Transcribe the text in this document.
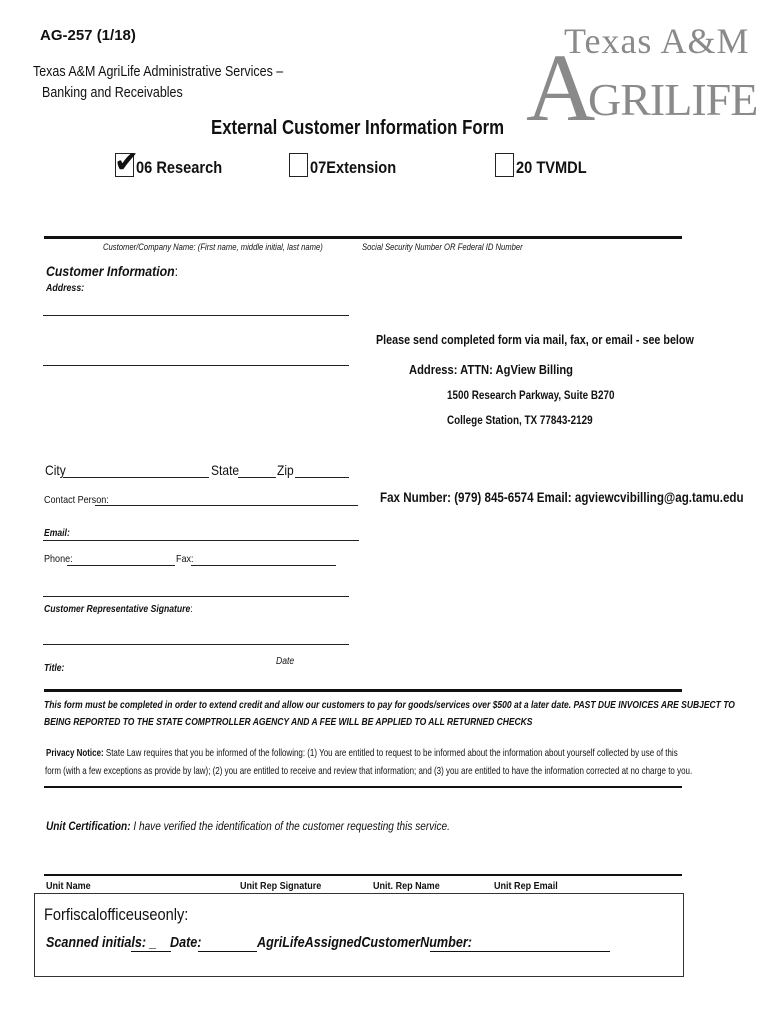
AG-257 (1/18)
Texas A&M AgriLife Administrative Services –
Banking and Receivables
Texas A&M
A
GRILIFE
External Customer Information Form
✔
06 Research	07Extension	20 TVMDL
Customer/Company Name: (First name, middle initial, last name)	Social Security Number OR Federal ID Number
Customer Information:
Address:
Please send completed form via mail, fax, or email - see below
Address: ATTN: AgView Billing
1500 Research Parkway, Suite B270
College Station, TX 77843-2129
City	State	Zip
Contact Person:	Fax Number: (979) 845-6574 Email: agviewcvibilling@ag.tamu.edu
Email:
Phone:	Fax:
Customer Representative Signature:
Date
Title:
This form must be completed in order to extend credit and allow our customers to pay for goods/services over $500 at a later date. PAST DUE INVOICES ARE SUBJECT TO
BEING REPORTED TO THE STATE COMPTROLLER AGENCY AND A FEE WILL BE APPLIED TO ALL RETURNED CHECKS
Privacy Notice: State Law requires that you be informed of the following: (1) You are entitled to request to be informed about the information about yourself collected by use of this
form (with a few exceptions as provide by law); (2) you are entitled to receive and review that information; and (3) you are entitled to have the information corrected at no charge to you.
Unit Certification: I have verified the identification of the customer requesting this service.
Unit Name	Unit Rep Signature	Unit. Rep Name	Unit Rep Email
Forfiscalofficeuseonly:
Scanned initials: _ Date:	AgriLifeAssignedCustomerNumber:
